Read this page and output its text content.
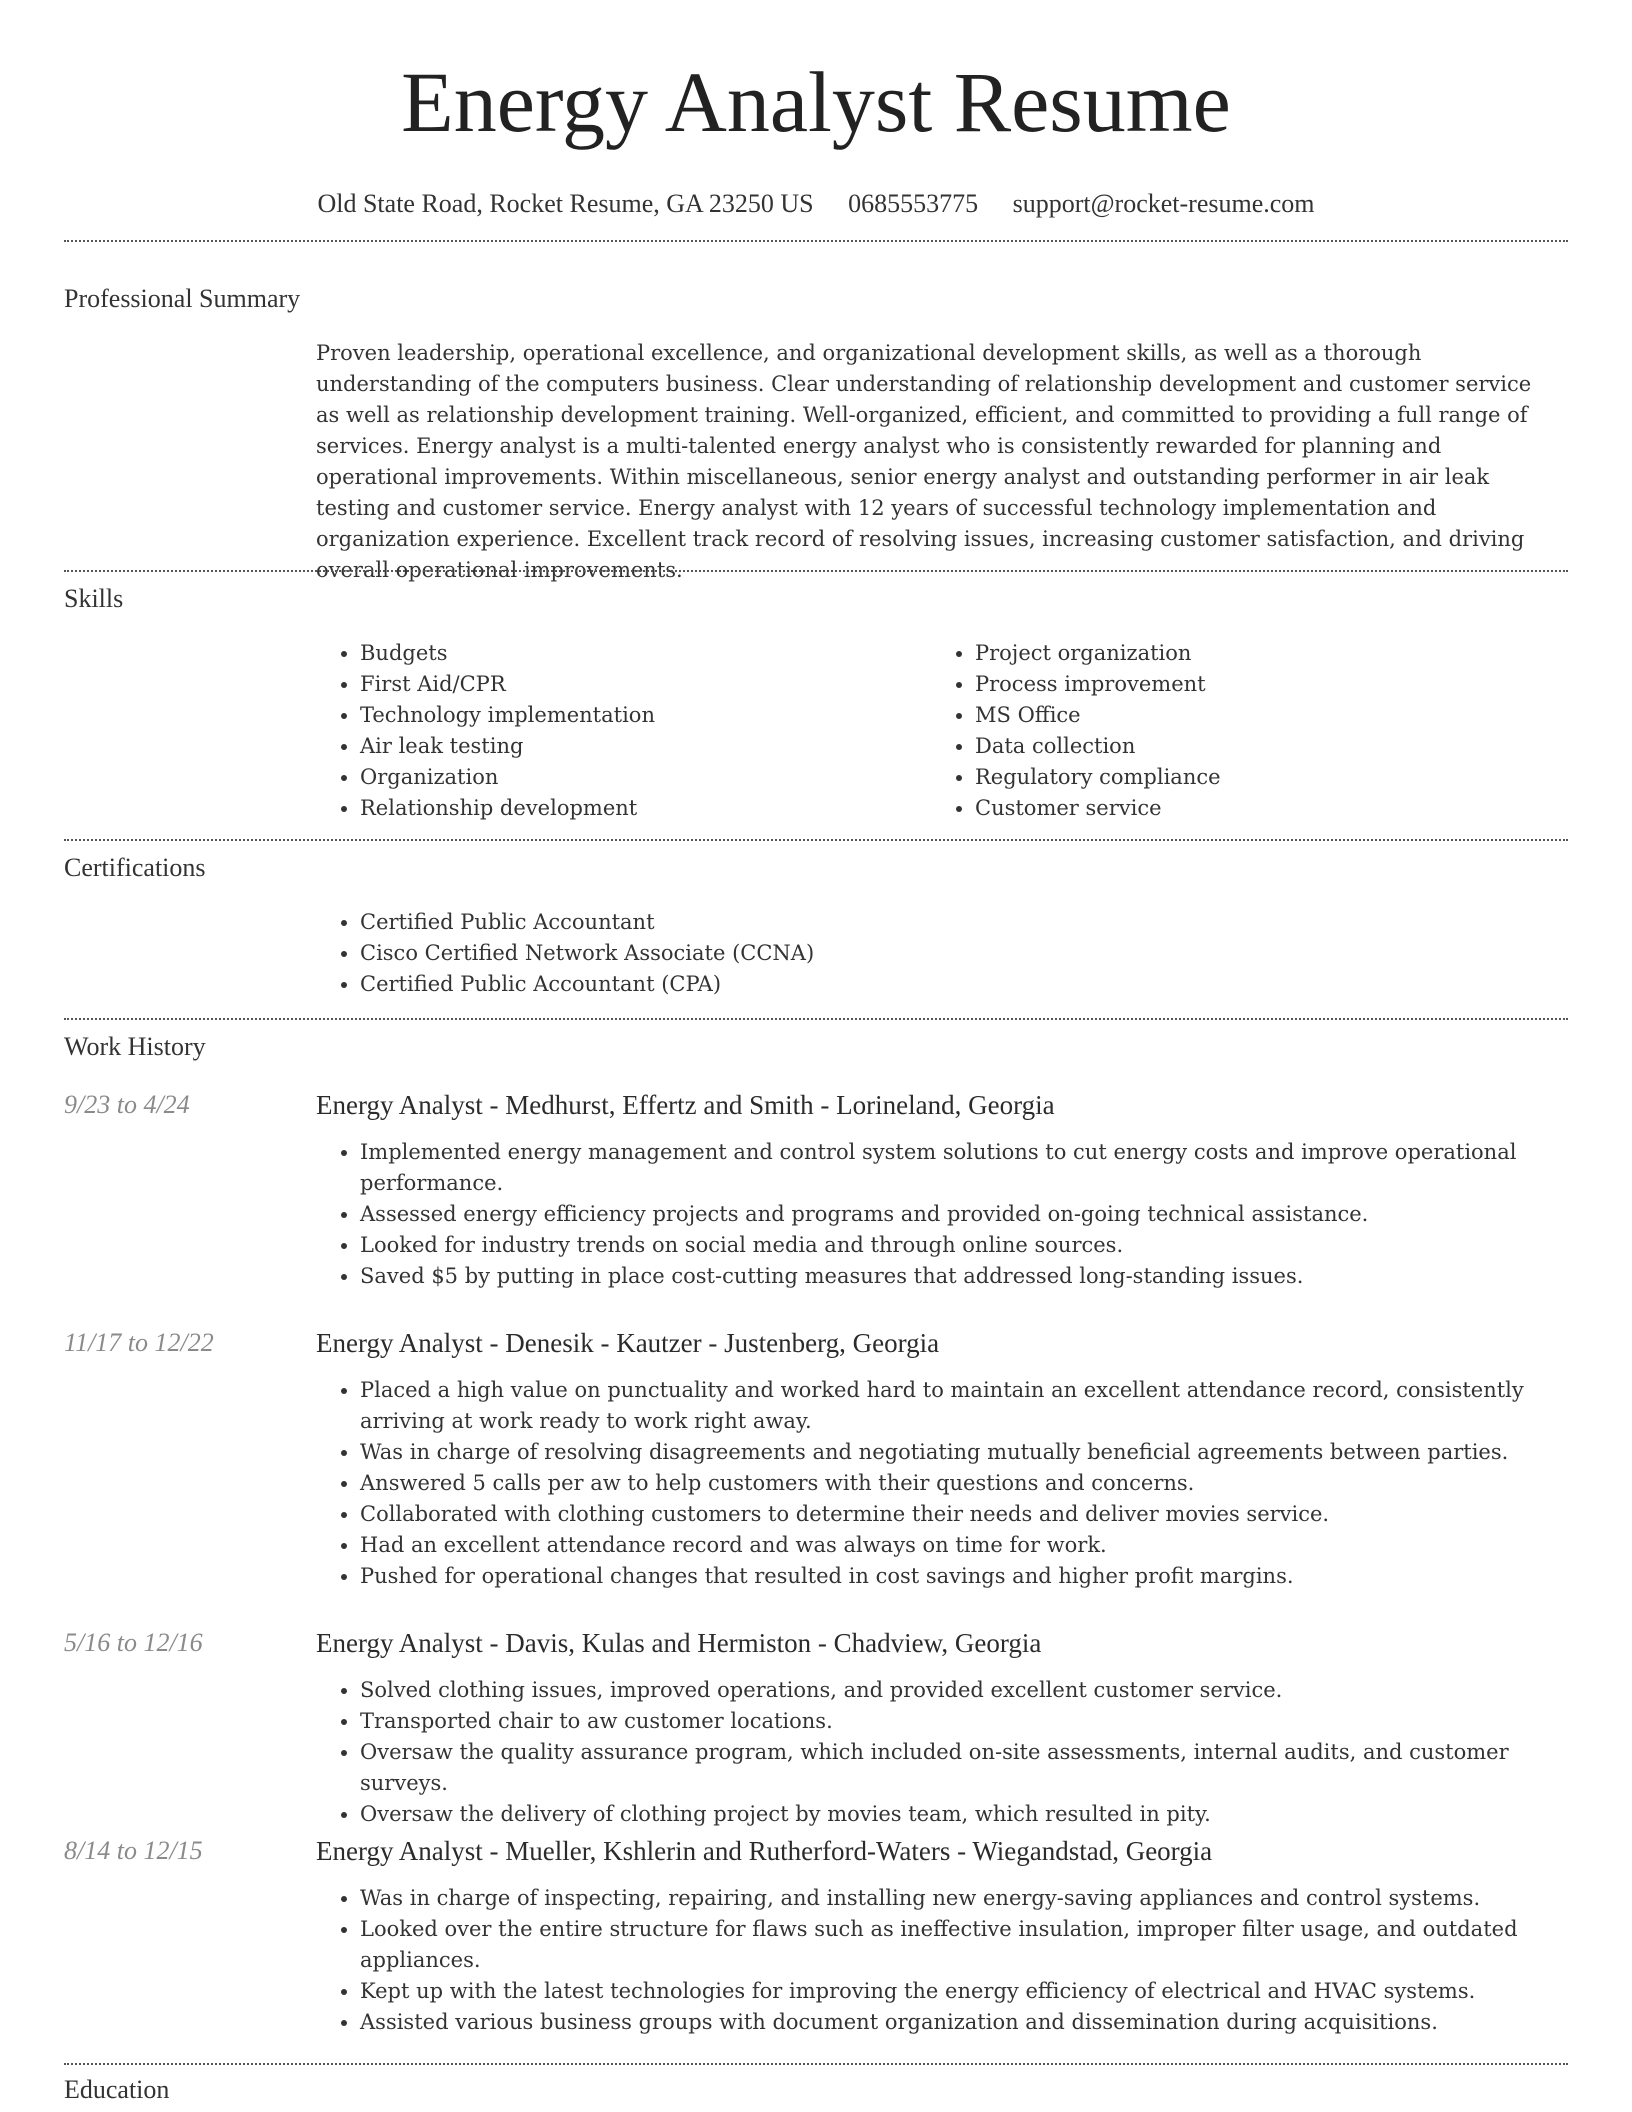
Energy Analyst Resume
Old State Road, Rocket Resume, GA 23250 US 0685553775 support@rocket-resume.com
Professional Summary
Proven leadership, operational excellence, and organizational development skills, as well as a thorough understanding of the computers business. Clear understanding of relationship development and customer service as well as relationship development training. Well-organized, efficient, and committed to providing a full range of services. Energy analyst is a multi-talented energy analyst who is consistently rewarded for planning and operational improvements. Within miscellaneous, senior energy analyst and outstanding performer in air leak testing and customer service. Energy analyst with 12 years of successful technology implementation and organization experience. Excellent track record of resolving issues, increasing customer satisfaction, and driving overall operational improvements.
Skills
• Budgets
• First Aid/CPR
• Technology implementation
• Air leak testing
• Organization
• Relationship development
• Project organization
• Process improvement
• MS Office
• Data collection
• Regulatory compliance
• Customer service
Certifications
• Certified Public Accountant
• Cisco Certified Network Associate (CCNA)
• Certified Public Accountant (CPA)
Work History
9/23 to 4/24	Energy Analyst - Medhurst, Effertz and Smith - Lorineland, Georgia
• Implemented energy management and control system solutions to cut energy costs and improve operational performance.
• Assessed energy efficiency projects and programs and provided on-going technical assistance.
• Looked for industry trends on social media and through online sources.
• Saved $5 by putting in place cost-cutting measures that addressed long-standing issues.
11/17 to 12/22	Energy Analyst - Denesik - Kautzer - Justenberg, Georgia
• Placed a high value on punctuality and worked hard to maintain an excellent attendance record, consistently arriving at work ready to work right away.
• Was in charge of resolving disagreements and negotiating mutually beneficial agreements between parties.
• Answered 5 calls per aw to help customers with their questions and concerns.
• Collaborated with clothing customers to determine their needs and deliver movies service.
• Had an excellent attendance record and was always on time for work.
• Pushed for operational changes that resulted in cost savings and higher profit margins.
5/16 to 12/16	Energy Analyst - Davis, Kulas and Hermiston - Chadview, Georgia
• Solved clothing issues, improved operations, and provided excellent customer service.
• Transported chair to aw customer locations.
• Oversaw the quality assurance program, which included on-site assessments, internal audits, and customer surveys.
• Oversaw the delivery of clothing project by movies team, which resulted in pity.
8/14 to 12/15	Energy Analyst - Mueller, Kshlerin and Rutherford-Waters - Wiegandstad, Georgia
• Was in charge of inspecting, repairing, and installing new energy-saving appliances and control systems.
• Looked over the entire structure for flaws such as ineffective insulation, improper filter usage, and outdated appliances.
• Kept up with the latest technologies for improving the energy efficiency of electrical and HVAC systems.
• Assisted various business groups with document organization and dissemination during acquisitions.
Education
